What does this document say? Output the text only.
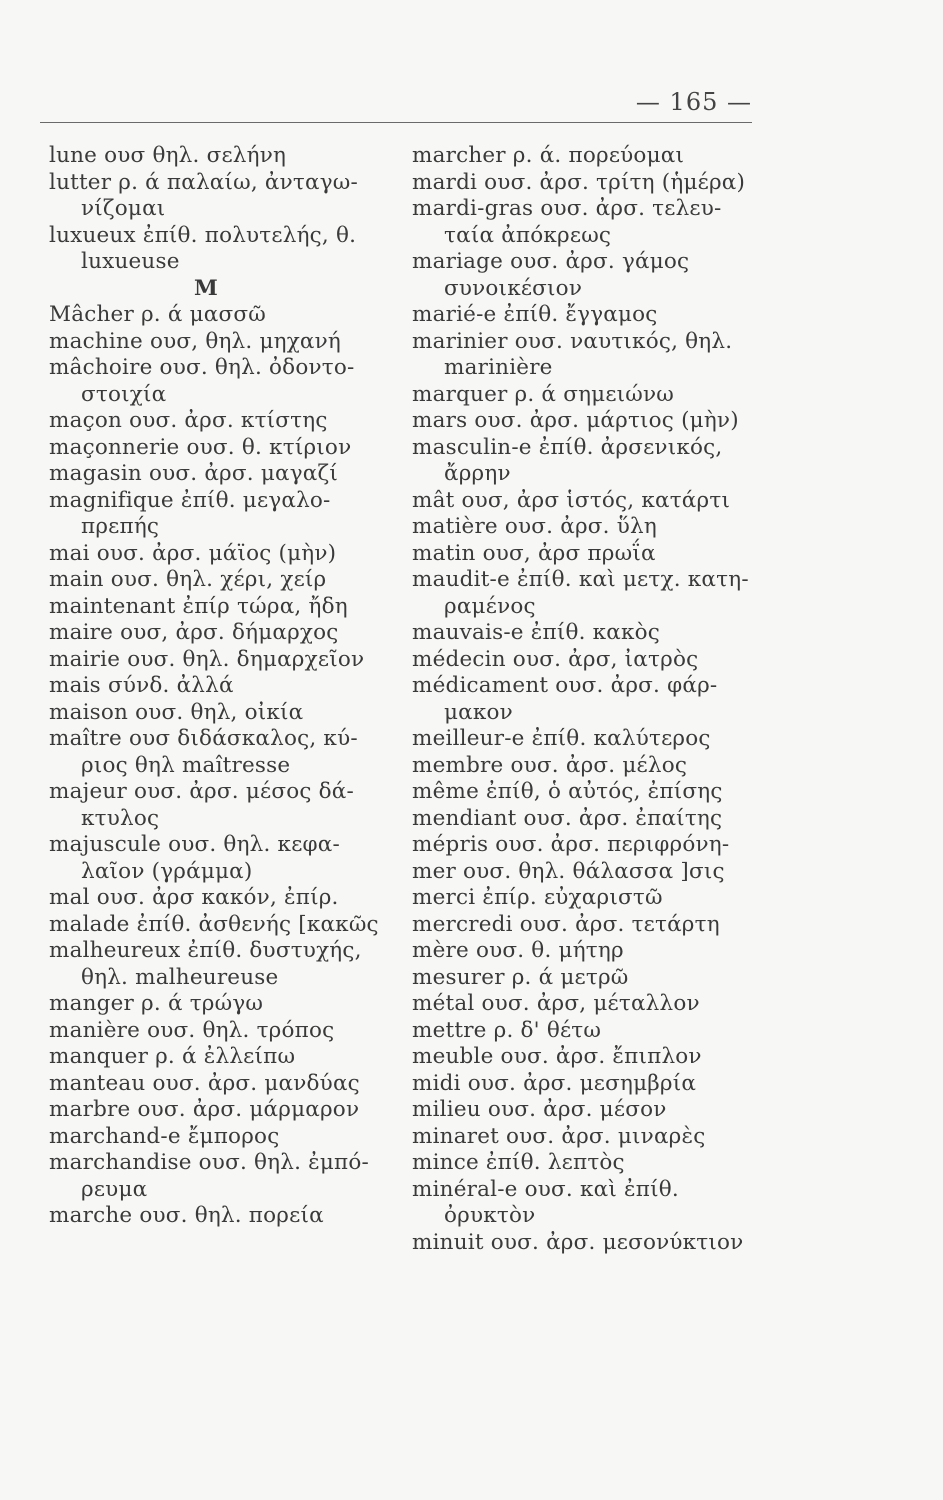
— 165 —
lune ουσ θηλ. σελήνη
lutter ρ. ά παλαίω, ἀνταγω-
νίζομαι
luxueux ἐπίθ. πολυτελής, θ.
luxueuse
M
Mâcher ρ. ά μασσῶ
machine ουσ, θηλ. μηχανή
mâchoire ουσ. θηλ. ὀδοντο-
στοιχία
maçon ουσ. ἀρσ. κτίστης
maçonnerie ουσ. θ. κτίριον
magasin ουσ. ἀρσ. μαγαζί
magnifique ἐπίθ. μεγαλο-
πρεπής
mai ουσ. ἀρσ. μάϊος (μὴν)
main ουσ. θηλ. χέρι, χείρ
maintenant ἐπίρ τώρα, ἤδη
maire ουσ, ἀρσ. δήμαρχος
mairie ουσ. θηλ. δημαρχεῖον
mais σύνδ. ἀλλά
maison ουσ. θηλ, οἰκία
maître ουσ διδάσκαλος, κύ-
ριος θηλ maîtresse
majeur ουσ. ἀρσ. μέσος δά-
κτυλος
majuscule ουσ. θηλ. κεφα-
λαῖον (γράμμα)
mal ουσ. ἀρσ κακόν, ἐπίρ.
malade ἐπίθ. ἀσθενής [κακῶς
malheureux ἐπίθ. δυστυχής,
θηλ. malheureuse
manger ρ. ά τρώγω
manière ουσ. θηλ. τρόπος
manquer ρ. ά ἐλλείπω
manteau ουσ. ἀρσ. μανδύας
marbre ουσ. ἀρσ. μάρμαρον
marchand-e ἔμπορος
marchandise ουσ. θηλ. ἐμπό-
ρευμα
marche ουσ. θηλ. πορεία
marcher ρ. ά. πορεύομαι
mardi ουσ. ἀρσ. τρίτη (ἡμέρα)
mardi-gras ουσ. ἀρσ. τελευ-
ταία ἀπόκρεως
mariage ουσ. ἀρσ. γάμος
συνοικέσιον
marié-e ἐπίθ. ἔγγαμος
marinier ουσ. ναυτικός, θηλ.
marinière
marquer ρ. ά σημειώνω
mars ουσ. ἀρσ. μάρτιος (μὴν)
masculin-e ἐπίθ. ἀρσενικός,
ἄρρην
mât ουσ, ἀρσ ἱστός, κατάρτι
matière ουσ. ἀρσ. ὕλη
matin ουσ, ἀρσ πρωΐα
maudit-e ἐπίθ. καὶ μετχ. κατη-
ραμένος
mauvais-e ἐπίθ. κακὸς
médecin ουσ. ἀρσ, ἰατρὸς
médicament ουσ. ἀρσ. φάρ-
μακον
meilleur-e ἐπίθ. καλύτερος
membre ουσ. ἀρσ. μέλος
même ἐπίθ, ὁ αὐτός, ἐπίσης
mendiant ουσ. ἀρσ. ἐπαίτης
mépris ουσ. ἀρσ. περιφρόνη-
mer ουσ. θηλ. θάλασσα ]σις
merci ἐπίρ. εὐχαριστῶ
mercredi ουσ. ἀρσ. τετάρτη
mère ουσ. θ. μήτηρ
mesurer ρ. ά μετρῶ
métal ουσ. ἀρσ, μέταλλον
mettre ρ. δ' θέτω
meuble ουσ. ἀρσ. ἔπιπλον
midi ουσ. ἀρσ. μεσημβρία
milieu ουσ. ἀρσ. μέσον
minaret ουσ. ἀρσ. μιναρὲς
mince ἐπίθ. λεπτὸς
minéral-e ουσ. καὶ ἐπίθ.
ὀρυκτὸν
minuit ουσ. ἀρσ. μεσονύκτιον
